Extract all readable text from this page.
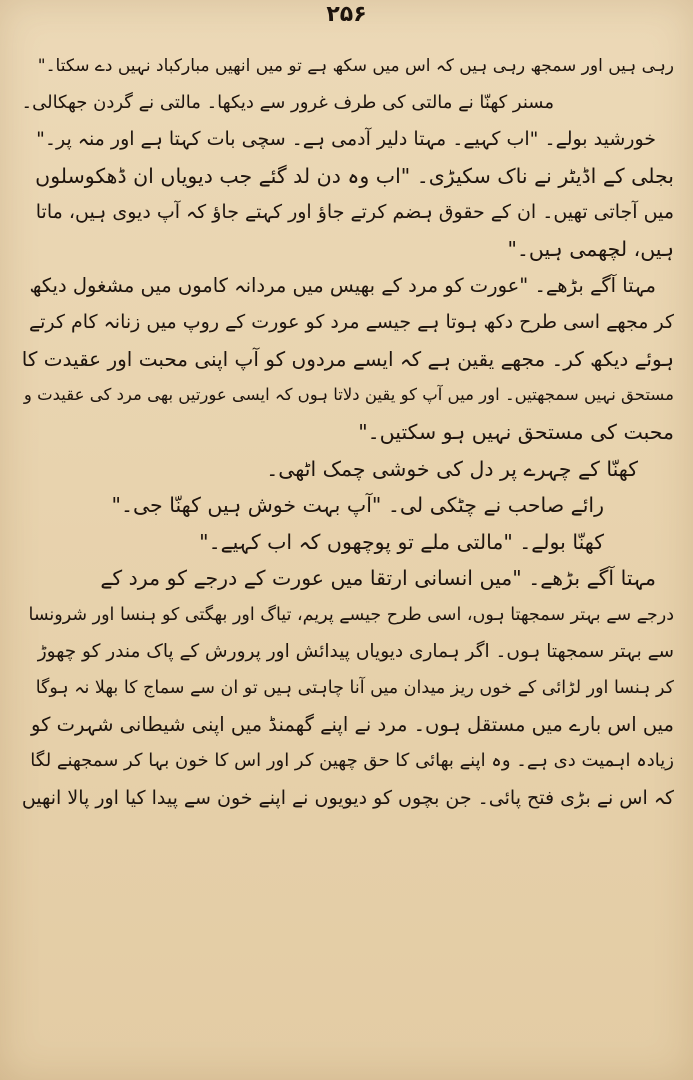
۲۵۶
رہی ہیں اور سمجھ رہی ہیں کہ اس میں سکھ ہے تو میں انھیں مبارکباد نہیں دے سکتا۔"
مسنر کھنّا نے مالتی کی طرف غرور سے دیکھا۔ مالتی نے گردن جھکالی۔
خورشید بولے۔ "اب کہیے۔ مہتا دلیر آدمی ہے۔ سچی بات کہتا ہے اور منہ پر۔"
بجلی کے اڈیٹر نے ناک سکیڑی۔ "اب وہ دن لد گئے جب دیویاں ان ڈھکوسلوں
میں آجاتی تھیں۔ ان کے حقوق ہضم کرتے جاؤ اور کہتے جاؤ کہ آپ دیوی ہیں، ماتا
ہیں، لچھمی ہیں۔"
مہتا آگے بڑھے۔ "عورت کو مرد کے بھیس میں مردانہ کاموں میں مشغول دیکھ
کر مجھے اسی طرح دکھ ہوتا ہے جیسے مرد کو عورت کے روپ میں زنانہ کام کرتے
ہوئے دیکھ کر۔ مجھے یقین ہے کہ ایسے مردوں کو آپ اپنی محبت اور عقیدت کا
مستحق نہیں سمجھتیں۔ اور میں آپ کو یقین دلاتا ہوں کہ ایسی عورتیں بھی مرد کی عقیدت و
محبت کی مستحق نہیں ہو سکتیں۔"
کھنّا کے چہرے پر دل کی خوشی چمک اٹھی۔
رائے صاحب نے چٹکی لی۔ "آپ بہت خوش ہیں کھنّا جی۔"
کھنّا بولے۔ "مالتی ملے تو پوچھوں کہ اب کہیے۔"
مہتا آگے بڑھے۔ "میں انسانی ارتقا میں عورت کے درجے کو مرد کے
درجے سے بہتر سمجھتا ہوں، اسی طرح جیسے پریم، تیاگ اور بھگتی کو ہنسا اور شرونسا
سے بہتر سمجھتا ہوں۔ اگر ہماری دیویاں پیدائش اور پرورش کے پاک مندر کو چھوڑ
کر ہنسا اور لڑائی کے خوں ریز میدان میں آنا چاہتی ہیں تو ان سے سماج کا بھلا نہ ہوگا
میں اس بارے میں مستقل ہوں۔ مرد نے اپنے گھمنڈ میں اپنی شیطانی شہرت کو
زیادہ اہمیت دی ہے۔ وہ اپنے بھائی کا حق چھین کر اور اس کا خون بہا کر سمجھنے لگا
کہ اس نے بڑی فتح پائی۔ جن بچوں کو دیویوں نے اپنے خون سے پیدا کیا اور پالا انھیں
